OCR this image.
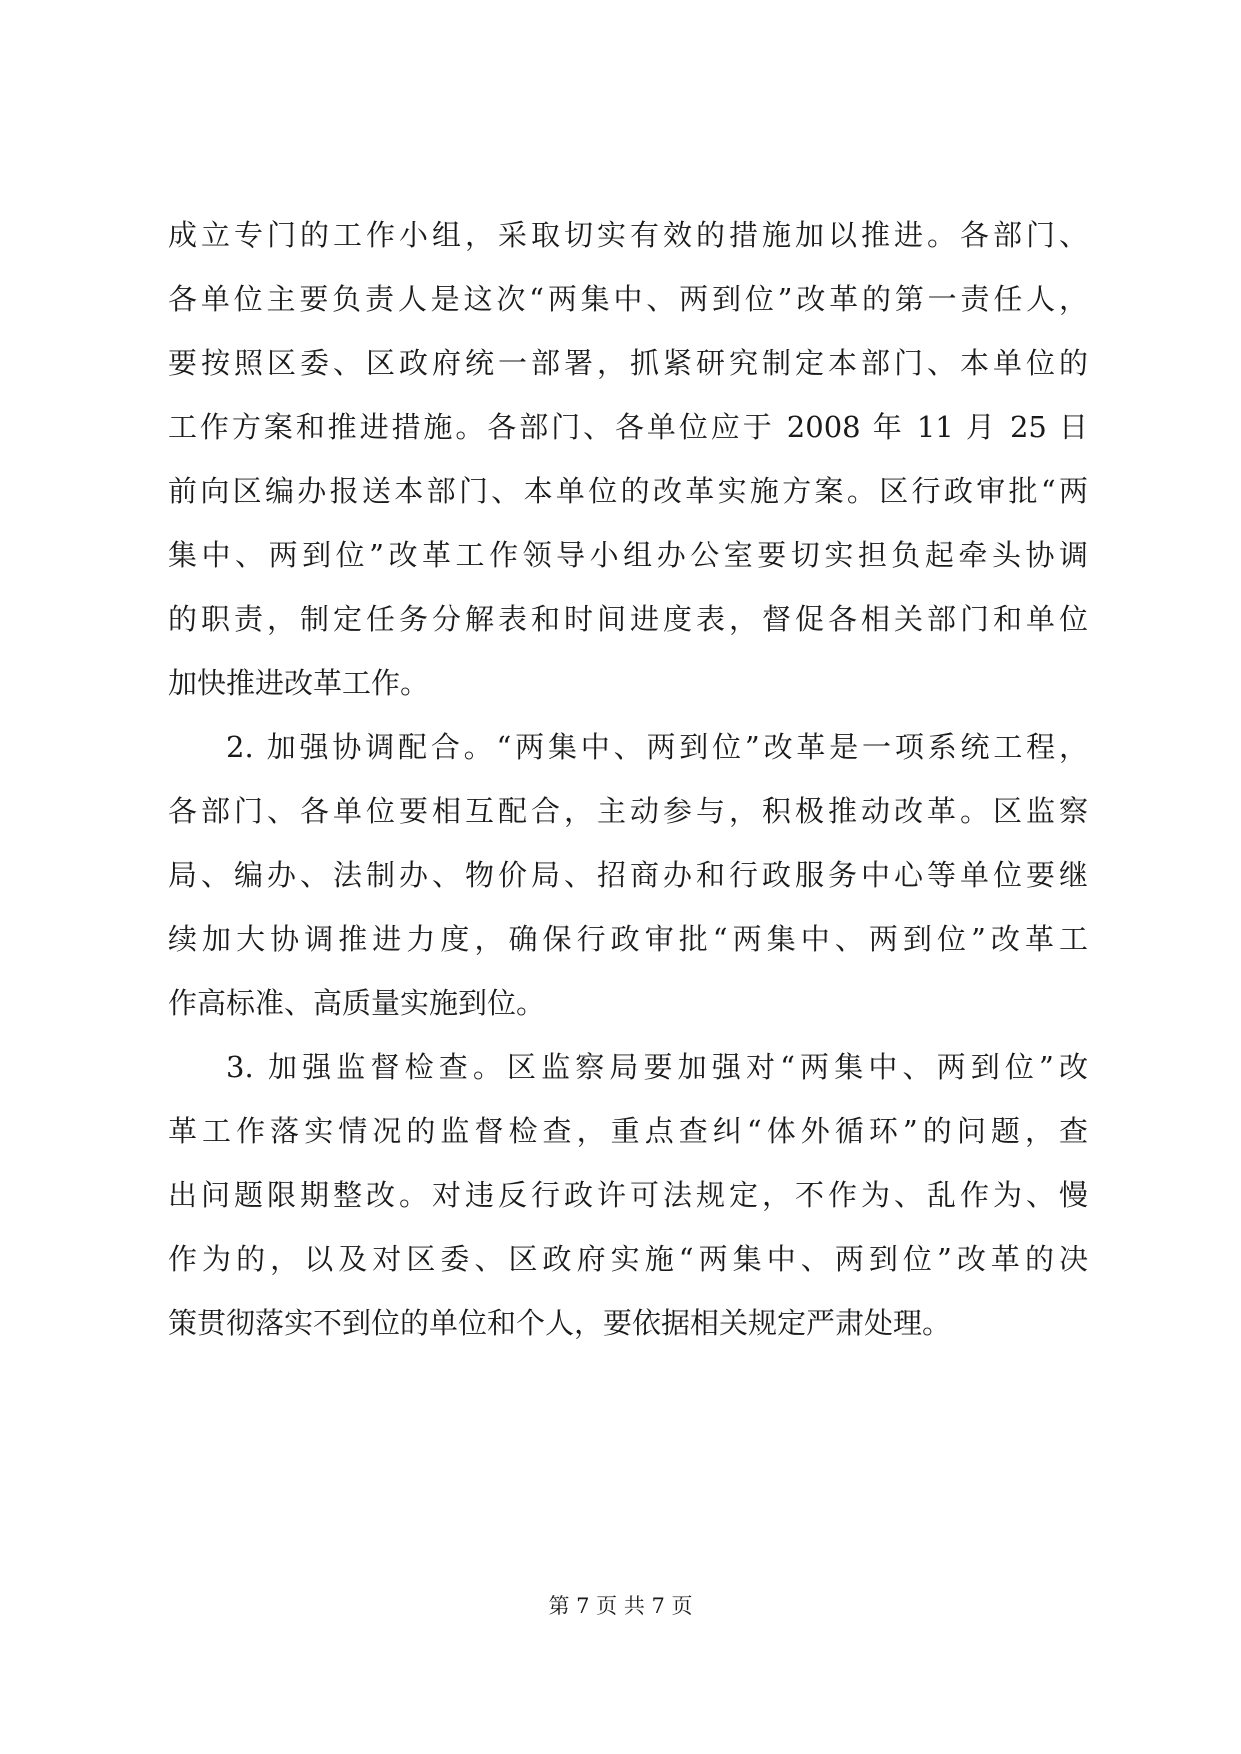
成立专门的工作小组，采取切实有效的措施加以推进。各部门、
各单位主要负责人是这次“两集中、两到位”改革的第一责任人，
要按照区委、区政府统一部署，抓紧研究制定本部门、本单位的
工作方案和推进措施。各部门、各单位应于 2008 年 11 月 25 日
前向区编办报送本部门、本单位的改革实施方案。区行政审批“两
集中、两到位”改革工作领导小组办公室要切实担负起牵头协调
的职责，制定任务分解表和时间进度表，督促各相关部门和单位
加快推进改革工作。
2. 加强协调配合。“两集中、两到位”改革是一项系统工程，
各部门、各单位要相互配合，主动参与，积极推动改革。区监察
局、编办、法制办、物价局、招商办和行政服务中心等单位要继
续加大协调推进力度，确保行政审批“两集中、两到位”改革工
作高标准、高质量实施到位。
3. 加强监督检查。区监察局要加强对“两集中、两到位”改
革工作落实情况的监督检查，重点查纠“体外循环”的问题，查
出问题限期整改。对违反行政许可法规定，不作为、乱作为、慢
作为的，以及对区委、区政府实施“两集中、两到位”改革的决
策贯彻落实不到位的单位和个人，要依据相关规定严肃处理。
第 7 页 共 7 页
